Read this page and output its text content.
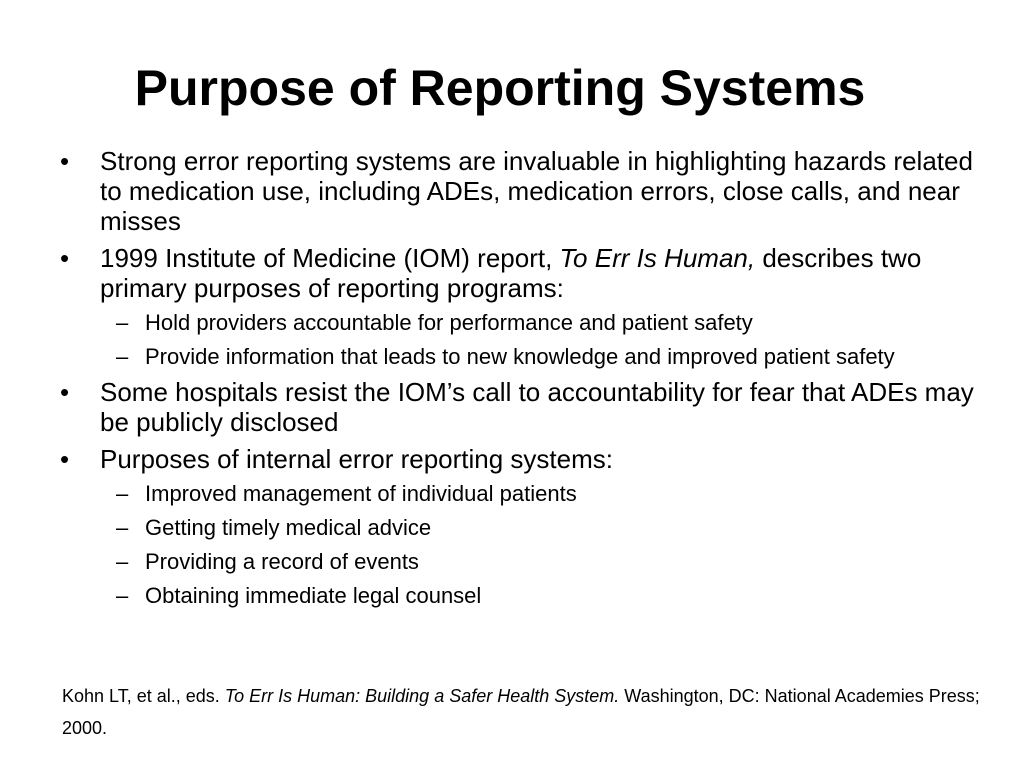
Purpose of Reporting Systems
•	Strong error reporting systems are invaluable in highlighting hazards related to medication use, including ADEs, medication errors, close calls, and near misses
•	1999 Institute of Medicine (IOM) report, To Err Is Human, describes two primary purposes of reporting programs:
– Hold providers accountable for performance and patient safety
– Provide information that leads to new knowledge and improved patient safety
•	Some hospitals resist the IOM’s call to accountability for fear that ADEs may be publicly disclosed
•	Purposes of internal error reporting systems:
– Improved management of individual patients
– Getting timely medical advice
– Providing a record of events
– Obtaining immediate legal counsel
Kohn LT, et al., eds. To Err Is Human: Building a Safer Health System. Washington, DC: National Academies Press; 2000.
